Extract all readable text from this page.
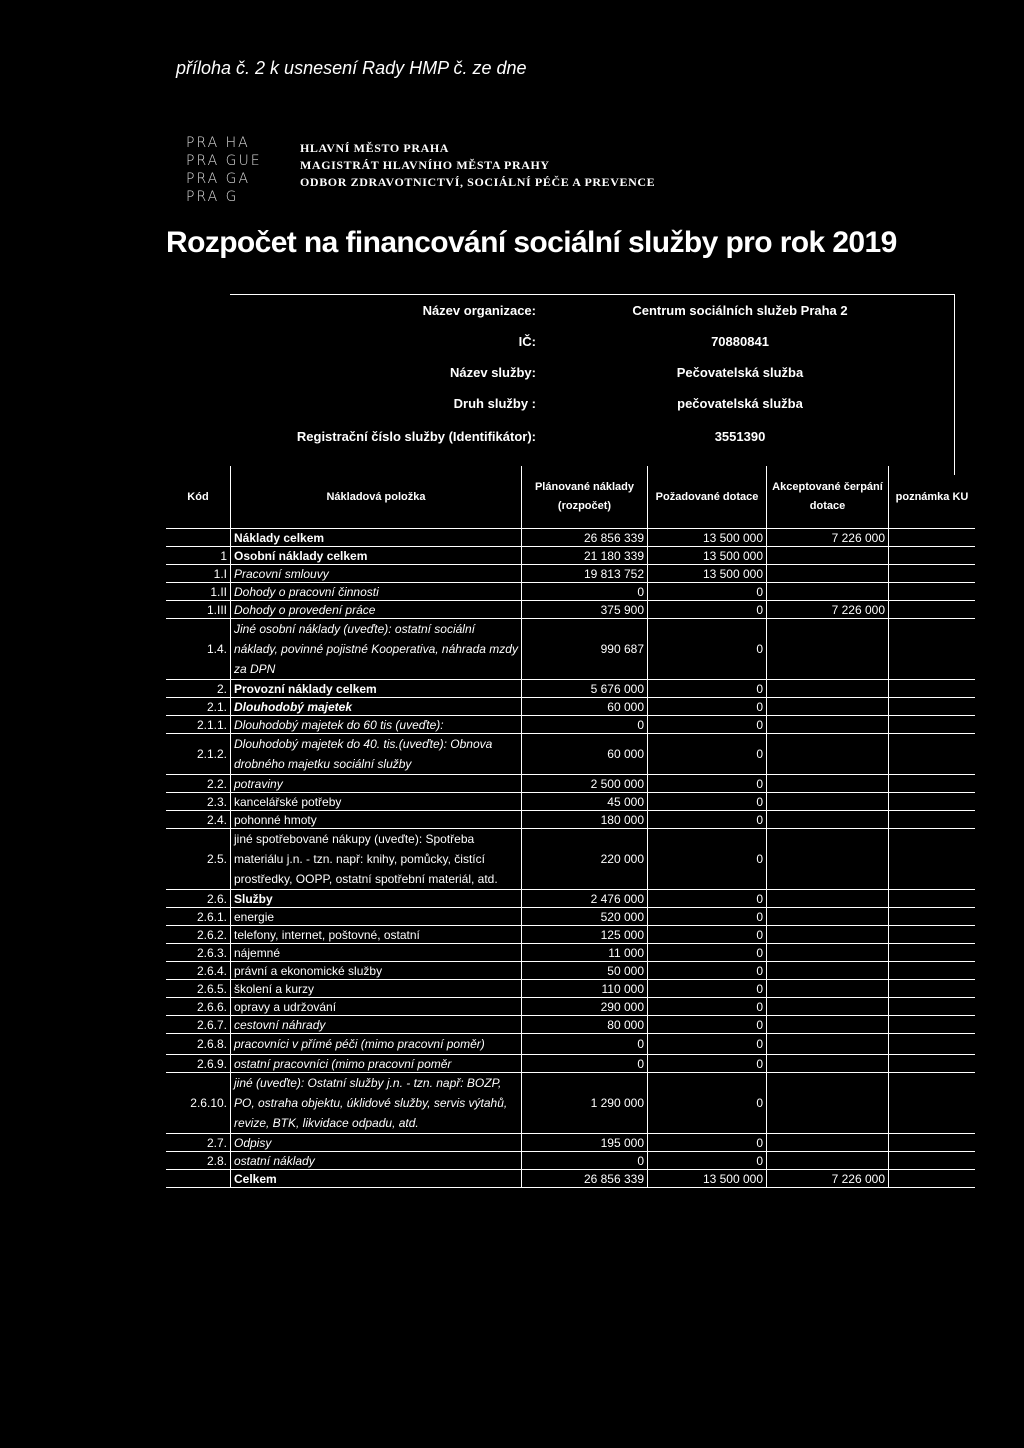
příloha č. 2 k usnesení Rady HMP č. ze dne
PRA HA
PRA GUE
PRA GA
PRA G
HLAVNÍ MĚSTO PRAHA
MAGISTRÁT HLAVNÍHO MĚSTA PRAHY
ODBOR ZDRAVOTNICTVÍ, SOCIÁLNÍ PÉČE A PREVENCE
Rozpočet na financování sociální služby pro rok 2019
Název organizace:	Centrum sociálních služeb Praha 2
IČ:	70880841
Název služby:	Pečovatelská služba
Druh služby :	pečovatelská služba
Registrační číslo služby (Identifikátor):	3551390
Kód	Nákladová položka	Plánované náklady (rozpočet)	Požadované dotace	Akceptované čerpání dotace	poznámka KU
	Náklady celkem	26 856 339	13 500 000	7 226 000	
1	Osobní náklady celkem	21 180 339	13 500 000		
1.I	Pracovní smlouvy	19 813 752	13 500 000		
1.II	Dohody o pracovní činnosti	0	0		
1.III	Dohody o provedení práce	375 900	0	7 226 000	
1.4.	Jiné osobní náklady (uveďte): ostatní sociální náklady, povinné pojistné Kooperativa, náhrada mzdy za DPN	990 687	0		
2.	Provozní náklady celkem	5 676 000	0		
2.1.	Dlouhodobý majetek	60 000	0		
2.1.1.	Dlouhodobý majetek do 60 tis (uveďte):	0	0		
2.1.2.	Dlouhodobý majetek do 40. tis.(uveďte): Obnova drobného majetku sociální služby	60 000	0		
2.2.	potraviny	2 500 000	0		
2.3.	kancelářské potřeby	45 000	0		
2.4.	pohonné hmoty	180 000	0		
2.5.	jiné spotřebované nákupy (uveďte): Spotřeba materiálu j.n. - tzn. např: knihy, pomůcky, čistící prostředky, OOPP, ostatní spotřební materiál, atd.	220 000	0		
2.6.	Služby	2 476 000	0		
2.6.1.	energie	520 000	0		
2.6.2.	telefony, internet, poštovné, ostatní	125 000	0		
2.6.3.	nájemné	11 000	0		
2.6.4.	právní a ekonomické služby	50 000	0		
2.6.5.	školení a kurzy	110 000	0		
2.6.6.	opravy a udržování	290 000	0		
2.6.7.	cestovní náhrady	80 000	0		
2.6.8.	pracovníci v přímé péči (mimo pracovní poměr)	0	0		
2.6.9.	ostatní pracovníci (mimo pracovní poměr	0	0		
2.6.10.	jiné (uveďte): Ostatní služby j.n. - tzn. např: BOZP, PO, ostraha objektu, úklidové služby, servis výtahů, revize, BTK, likvidace odpadu, atd.	1 290 000	0		
2.7.	Odpisy	195 000	0		
2.8.	ostatní náklady	0	0		
	Celkem	26 856 339	13 500 000	7 226 000	
